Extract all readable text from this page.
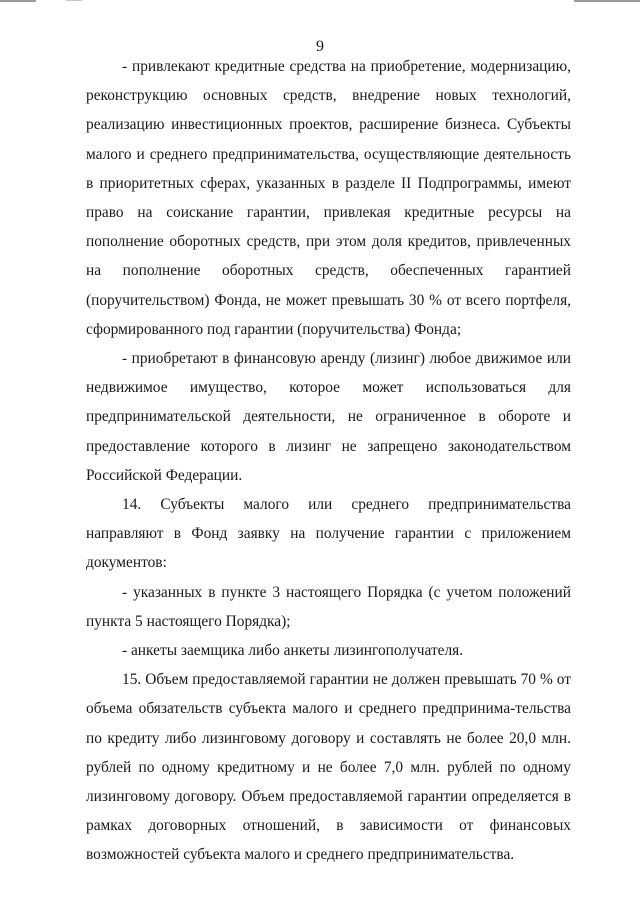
9

- привлекают кредитные средства на приобретение, модернизацию, реконструкцию основных средств, внедрение новых технологий, реализацию инвестиционных проектов, расширение бизнеса. Субъекты малого и среднего предпринимательства, осуществляющие деятельность в приоритетных сферах, указанных в разделе II Подпрограммы, имеют право на соискание гарантии, привлекая кредитные ресурсы на пополнение оборотных средств, при этом доля кредитов, привлеченных на пополнение оборотных средств, обеспеченных гарантией (поручительством) Фонда, не может превышать 30 % от всего портфеля, сформированного под гарантии (поручительства) Фонда;

- приобретают в финансовую аренду (лизинг) любое движимое или недвижимое имущество, которое может использоваться для предпринимательской деятельности, не ограниченное в обороте и предоставление которого в лизинг не запрещено законодательством Российской Федерации.

14. Субъекты малого или среднего предпринимательства направляют в Фонд заявку на получение гарантии с приложением документов:

- указанных в пункте 3 настоящего Порядка (с учетом положений пункта 5 настоящего Порядка);

- анкеты заемщика либо анкеты лизингополучателя.

15. Объем предоставляемой гарантии не должен превышать 70 % от объема обязательств субъекта малого и среднего предпринима-тельства по кредиту либо лизинговому договору и составлять не более 20,0 млн. рублей по одному кредитному и не более 7,0 млн. рублей по одному лизинговому договору. Объем предоставляемой гарантии определяется в рамках договорных отношений, в зависимости от финансовых возможностей субъекта малого и среднего предпринимательства.
